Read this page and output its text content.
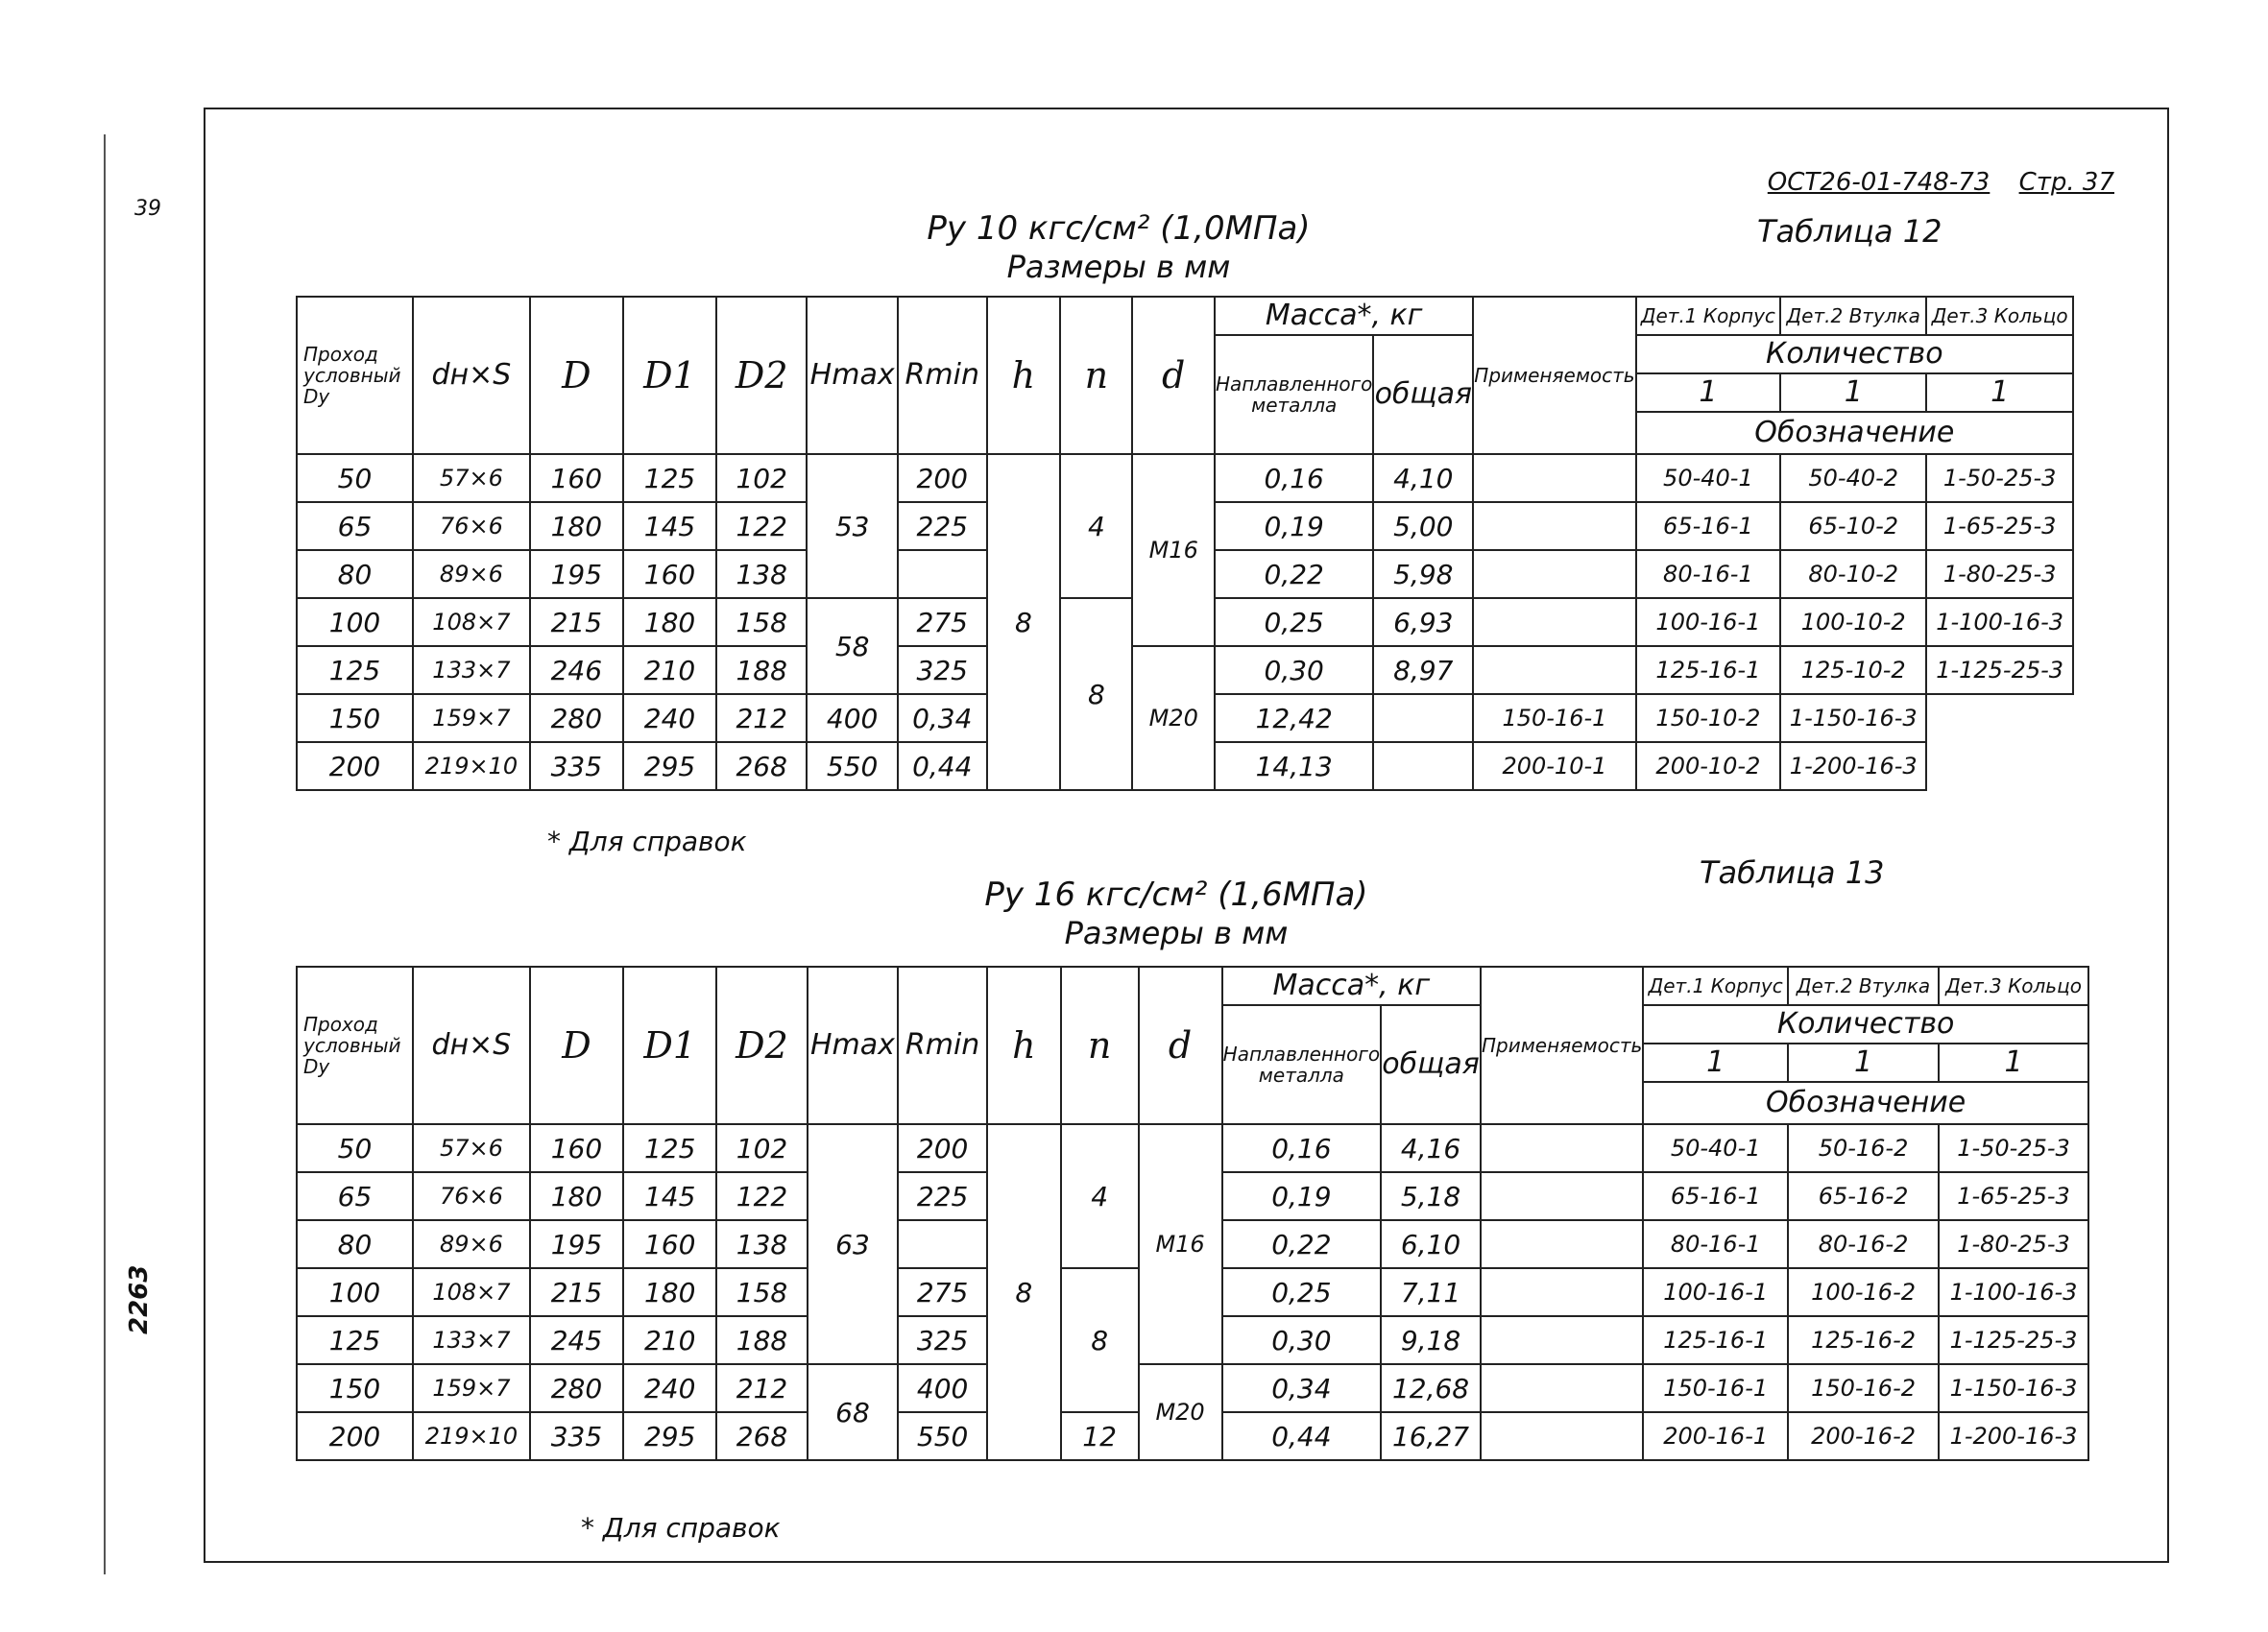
39
2263
ОСТ26-01-748-73 Стр. 37
Таблица 12
Ру 10 кгс/см² (1,0МПа)
Размеры в мм
Проход условный Dy	dн×S	D	D1	D2	Hmax	Rmin	h	n	d	Масса*, кг		Применяемость	Дет.1 Корпус	Дет.2 Втулка	Дет.3 Кольцо
										Наплавленного металла	общая		Количество		
													1	1	1
													Обозначение		
50	57×6	160	125	102	53	200	8	4	М16	0,16	4,10		50-40-1	50-40-2	1-50-25-3
65	76×6	180	145	122		225				0,19	5,00		65-16-1	65-10-2	1-65-25-3
80	89×6	195	160	138						0,22	5,98		80-16-1	80-10-2	1-80-25-3
100	108×7	215	180	158	58	275		8		0,25	6,93		100-16-1	100-10-2	1-100-16-3
125	133×7	246	210	188		325			М20	0,30	8,97		125-16-1	125-10-2	1-125-25-3
150	159×7	280	240	212	400	0,34				12,42		150-16-1	150-10-2	1-150-16-3	
200	219×10	335	295	268	550	0,44				14,13		200-10-1	200-10-2	1-200-16-3	
* Для справок
Таблица 13
Ру 16 кгс/см² (1,6МПа)
Размеры в мм
Проход условный Dy	dн×S	D	D1	D2	Hmax	Rmin	h	n	d	Масса*, кг		Применяемость	Дет.1 Корпус	Дет.2 Втулка	Дет.3 Кольцо
										Наплавленного металла	общая		Количество		
													1	1	1
													Обозначение		
50	57×6	160	125	102	63	200	8	4	М16	0,16	4,16		50-40-1	50-16-2	1-50-25-3
65	76×6	180	145	122		225				0,19	5,18		65-16-1	65-16-2	1-65-25-3
80	89×6	195	160	138						0,22	6,10		80-16-1	80-16-2	1-80-25-3
100	108×7	215	180	158		275		8		0,25	7,11		100-16-1	100-16-2	1-100-16-3
125	133×7	245	210	188		325				0,30	9,18		125-16-1	125-16-2	1-125-25-3
150	159×7	280	240	212	68	400			М20	0,34	12,68		150-16-1	150-16-2	1-150-16-3
200	219×10	335	295	268		550		12		0,44	16,27		200-16-1	200-16-2	1-200-16-3
* Для справок
